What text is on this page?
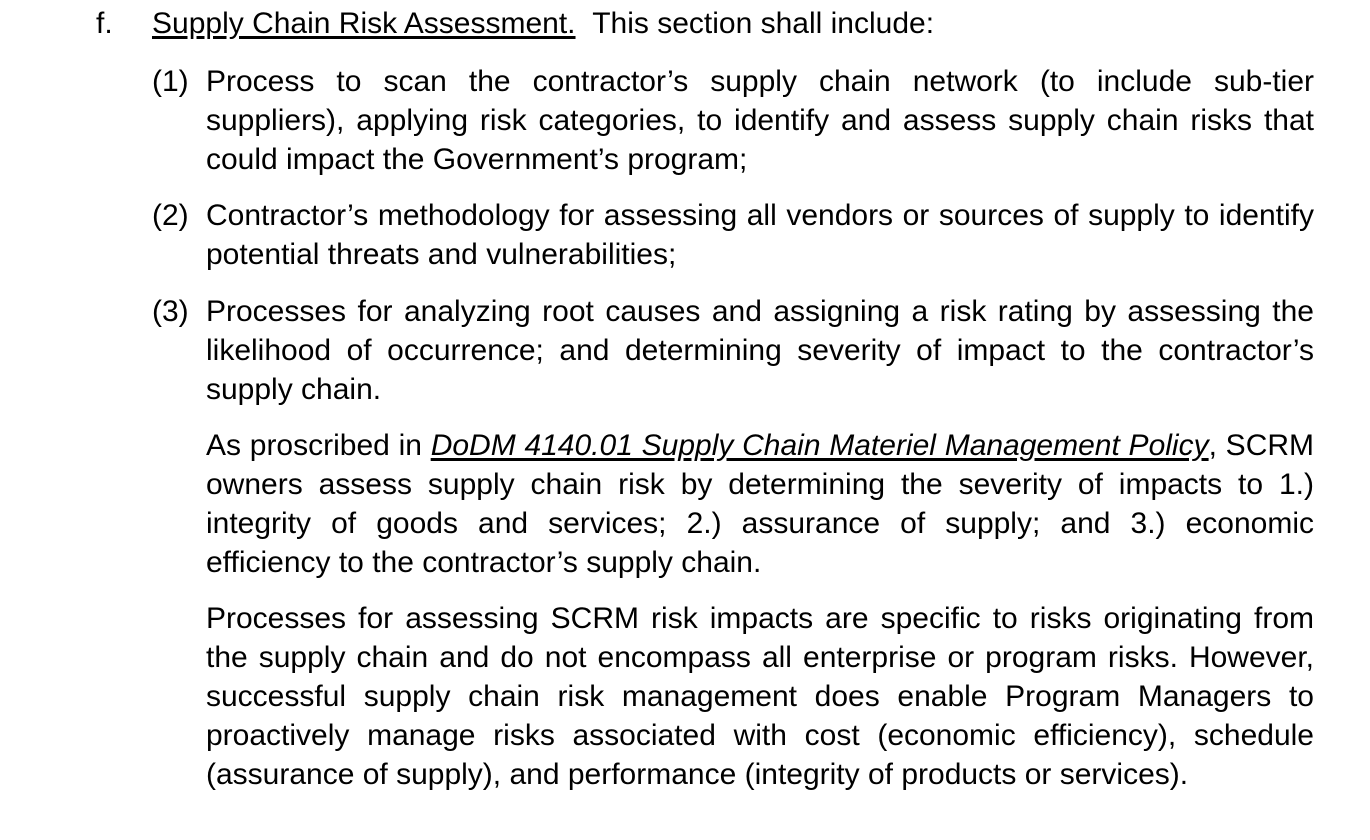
f. Supply Chain Risk Assessment. This section shall include:
(1) Process to scan the contractor’s supply chain network (to include sub-tier suppliers), applying risk categories, to identify and assess supply chain risks that could impact the Government’s program;
(2) Contractor’s methodology for assessing all vendors or sources of supply to identify potential threats and vulnerabilities;
(3) Processes for analyzing root causes and assigning a risk rating by assessing the likelihood of occurrence; and determining severity of impact to the contractor’s supply chain.
As proscribed in DoDM 4140.01 Supply Chain Materiel Management Policy, SCRM owners assess supply chain risk by determining the severity of impacts to 1.) integrity of goods and services; 2.) assurance of supply; and 3.) economic efficiency to the contractor’s supply chain.
Processes for assessing SCRM risk impacts are specific to risks originating from the supply chain and do not encompass all enterprise or program risks. However, successful supply chain risk management does enable Program Managers to proactively manage risks associated with cost (economic efficiency), schedule (assurance of supply), and performance (integrity of products or services).
